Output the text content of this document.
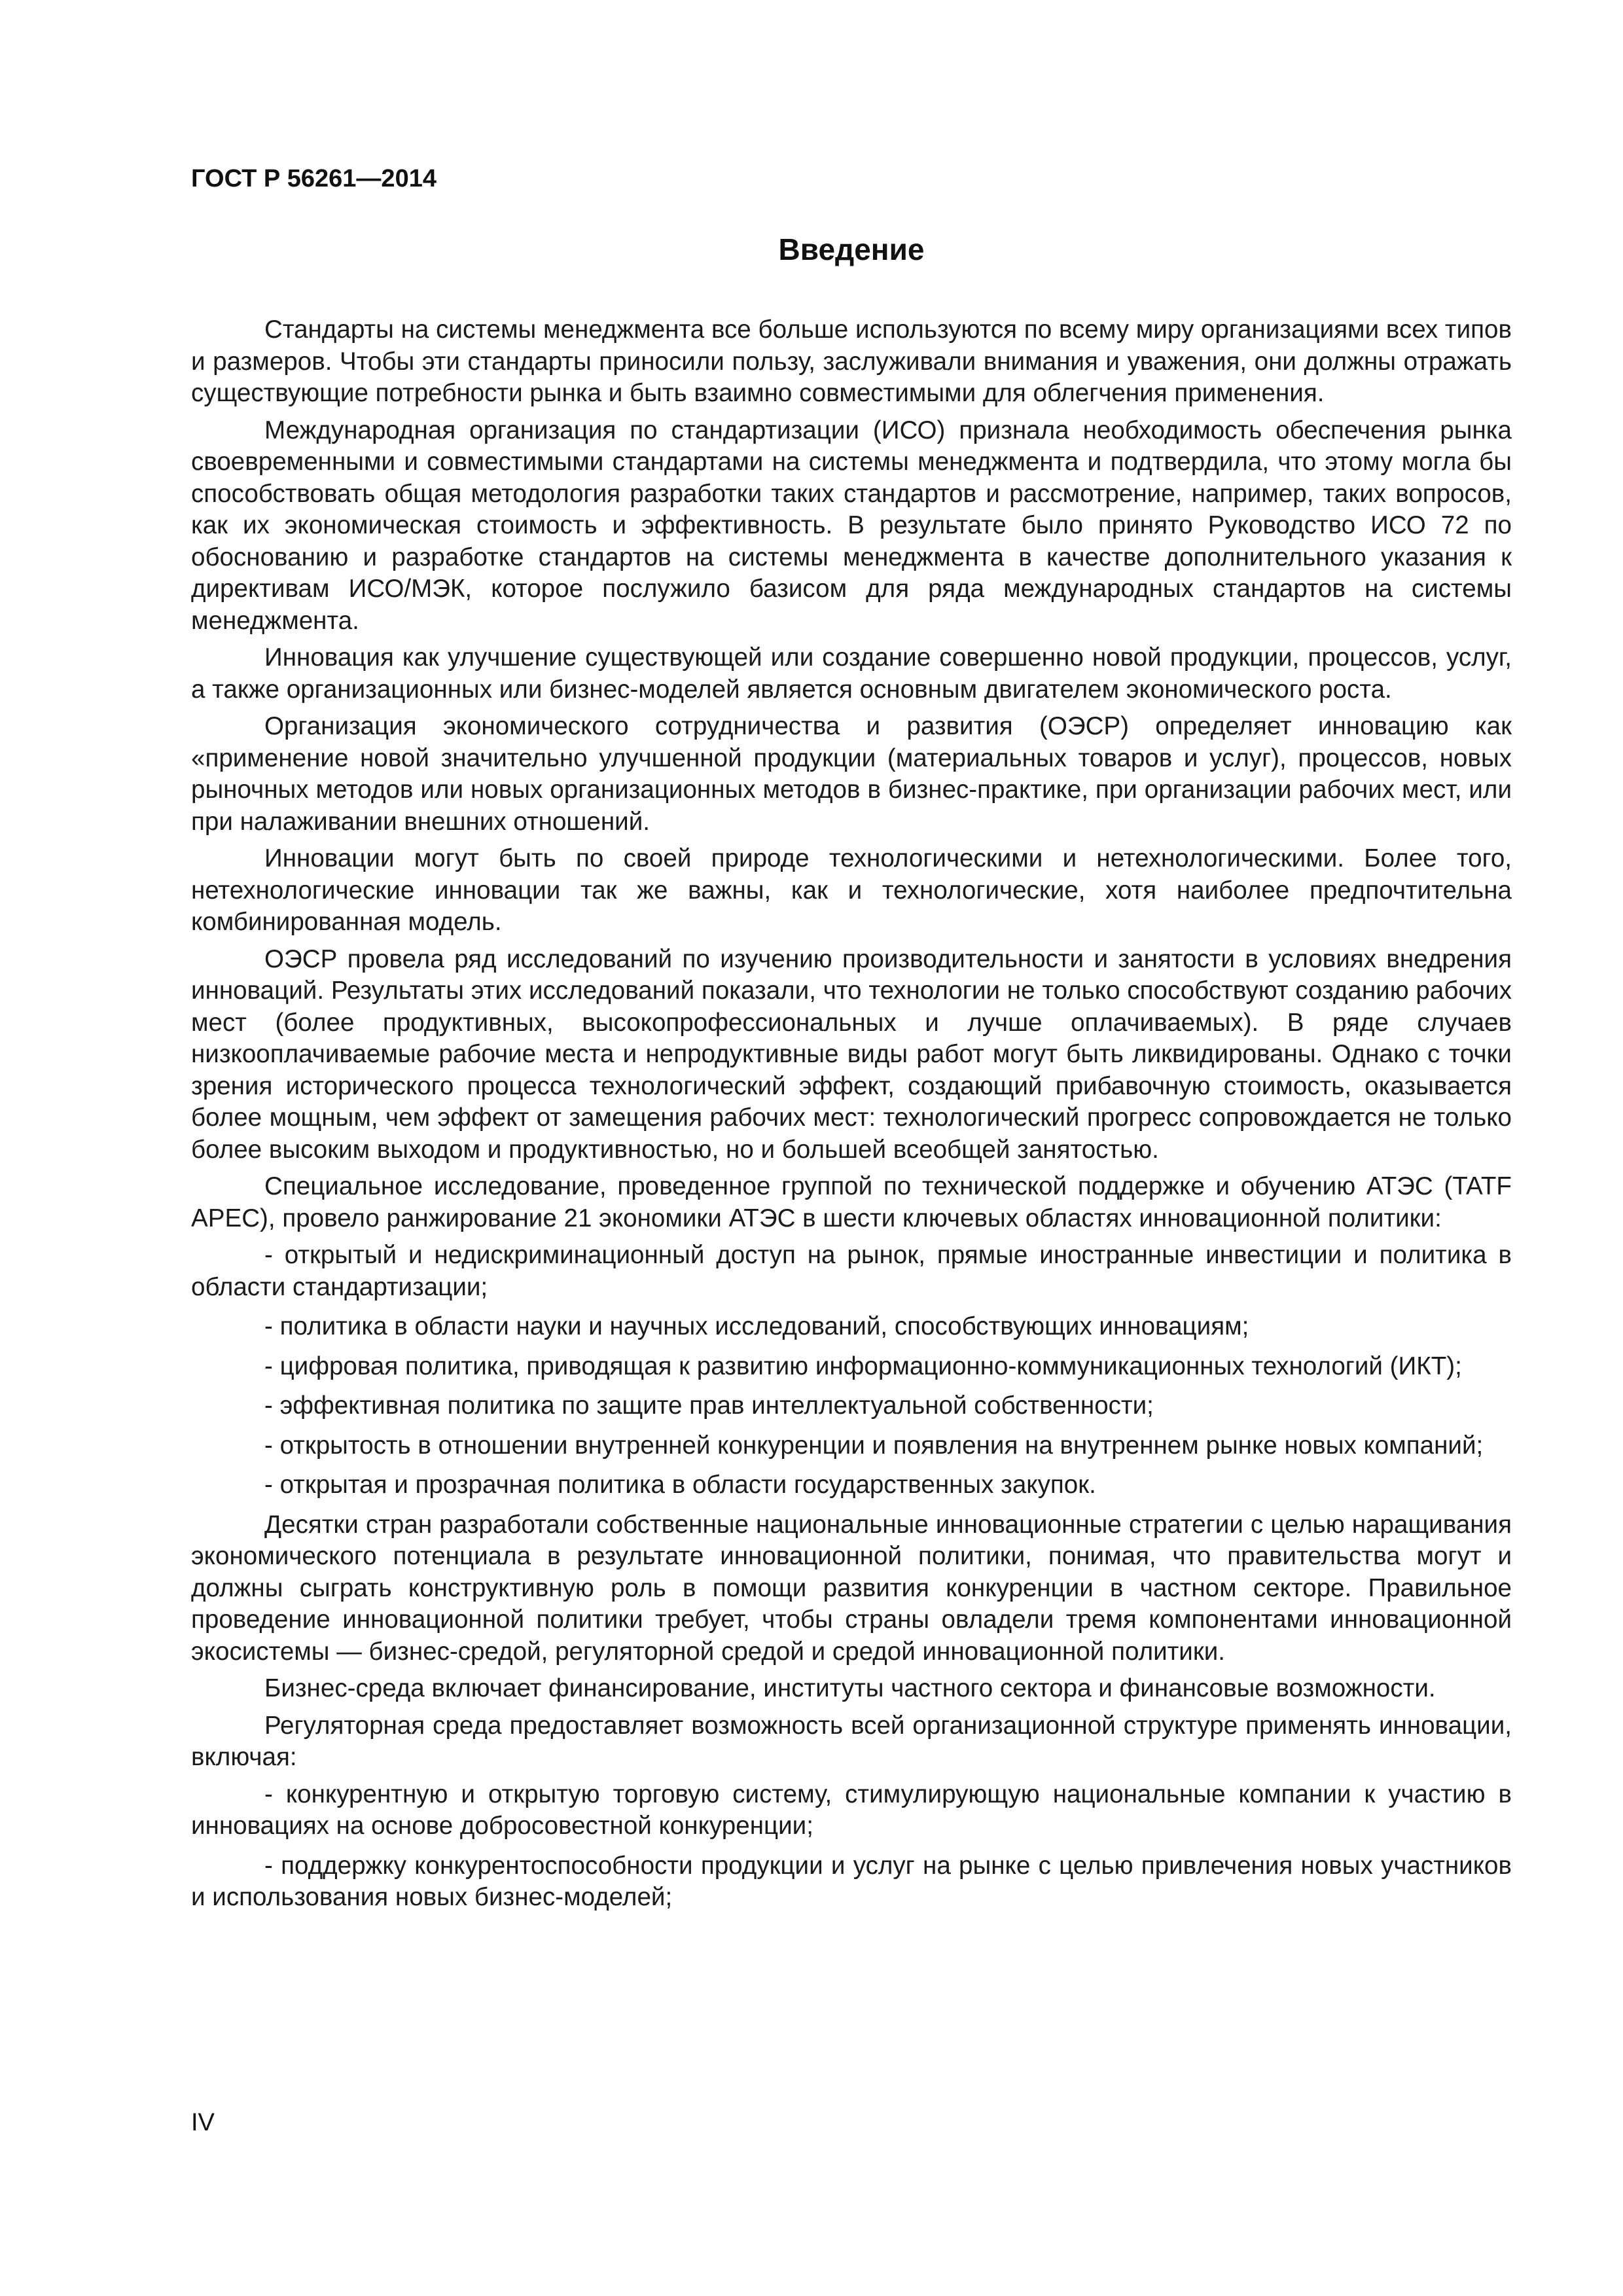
ГОСТ Р 56261—2014
Введение

Стандарты на системы менеджмента все больше используются по всему миру организациями всех типов и размеров. Чтобы эти стандарты приносили пользу, заслуживали внимания и уважения, они должны отражать существующие потребности рынка и быть взаимно совместимыми для облегчения применения.

Международная организация по стандартизации (ИСО) признала необходимость обеспечения рынка своевременными и совместимыми стандартами на системы менеджмента и подтвердила, что этому могла бы способствовать общая методология разработки таких стандартов и рассмотрение, например, таких вопросов, как их экономическая стоимость и эффективность. В результате было принято Руководство ИСО 72 по обоснованию и разработке стандартов на системы менеджмента в качестве дополнительного указания к директивам ИСО/МЭК, которое послужило базисом для ряда международных стандартов на системы менеджмента.

Инновация как улучшение существующей или создание совершенно новой продукции, процессов, услуг, а также организационных или бизнес-моделей является основным двигателем экономического роста.

Организация экономического сотрудничества и развития (ОЭСР) определяет инновацию как «применение новой значительно улучшенной продукции (материальных товаров и услуг), процессов, новых рыночных методов или новых организационных методов в бизнес-практике, при организации рабочих мест, или при налаживании внешних отношений.

Инновации могут быть по своей природе технологическими и нетехнологическими. Более того, нетехнологические инновации так же важны, как и технологические, хотя наиболее предпочтительна комбинированная модель.

ОЭСР провела ряд исследований по изучению производительности и занятости в условиях внедрения инноваций. Результаты этих исследований показали, что технологии не только способствуют созданию рабочих мест (более продуктивных, высокопрофессиональных и лучше оплачиваемых). В ряде случаев низкооплачиваемые рабочие места и непродуктивные виды работ могут быть ликвидированы. Однако с точки зрения исторического процесса технологический эффект, создающий прибавочную стоимость, оказывается более мощным, чем эффект от замещения рабочих мест: технологический прогресс сопровождается не только более высоким выходом и продуктивностью, но и большей всеобщей занятостью.

Специальное исследование, проведенное группой по технической поддержке и обучению АТЭС (TATF APEC), провело ранжирование 21 экономики АТЭС в шести ключевых областях инновационной политики:

- открытый и недискриминационный доступ на рынок, прямые иностранные инвестиции и политика в области стандартизации;

- политика в области науки и научных исследований, способствующих инновациям;

- цифровая политика, приводящая к развитию информационно-коммуникационных технологий (ИКТ);

- эффективная политика по защите прав интеллектуальной собственности;

- открытость в отношении внутренней конкуренции и появления на внутреннем рынке новых компаний;

- открытая и прозрачная политика в области государственных закупок.

Десятки стран разработали собственные национальные инновационные стратегии с целью наращивания экономического потенциала в результате инновационной политики, понимая, что правительства могут и должны сыграть конструктивную роль в помощи развития конкуренции в частном секторе. Правильное проведение инновационной политики требует, чтобы страны овладели тремя компонентами инновационной экосистемы — бизнес-средой, регуляторной средой и средой инновационной политики.

Бизнес-среда включает финансирование, институты частного сектора и финансовые возможности.

Регуляторная среда предоставляет возможность всей организационной структуре применять инновации, включая:

- конкурентную и открытую торговую систему, стимулирующую национальные компании к участию в инновациях на основе добросовестной конкуренции;

- поддержку конкурентоспособности продукции и услуг на рынке с целью привлечения новых участников и использования новых бизнес-моделей;

IV
